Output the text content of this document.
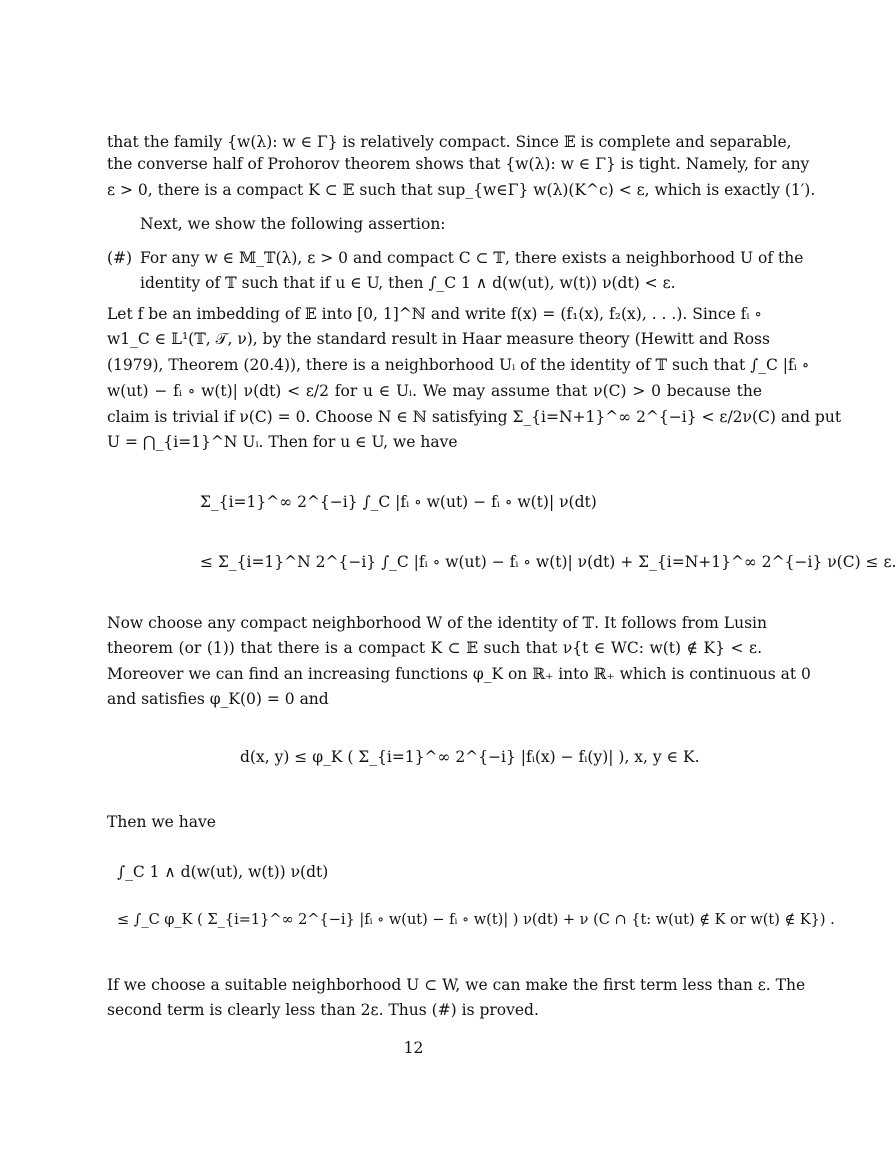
that the family {w(λ): w ∈ Γ} is relatively compact. Since 𝔼 is complete and separable,
the converse half of Prohorov theorem shows that {w(λ): w ∈ Γ} is tight. Namely, for any
ε > 0, there is a compact K ⊂ 𝔼 such that sup_{w∈Γ} w(λ)(K^c) < ε, which is exactly (1′).
Next, we show the following assertion:
(#) For any w ∈ 𝕄_𝕋(λ), ε > 0 and compact C ⊂ 𝕋, there exists a neighborhood U of the
identity of 𝕋 such that if u ∈ U, then ∫_C 1 ∧ d(w(ut), w(t)) ν(dt) < ε.
Let f be an imbedding of 𝔼 into [0, 1]^ℕ and write f(x) = (f₁(x), f₂(x), . . .). Since fᵢ ∘
w1_C ∈ 𝕃¹(𝕋, 𝒯, ν), by the standard result in Haar measure theory (Hewitt and Ross
(1979), Theorem (20.4)), there is a neighborhood Uᵢ of the identity of 𝕋 such that ∫_C |fᵢ ∘
w(ut) − fᵢ ∘ w(t)| ν(dt) < ε/2 for u ∈ Uᵢ. We may assume that ν(C) > 0 because the
claim is trivial if ν(C) = 0. Choose N ∈ ℕ satisfying Σ_{i=N+1}^∞ 2^{−i} < ε/2ν(C) and put
U = ⋂_{i=1}^N Uᵢ. Then for u ∈ U, we have
Σ_{i=1}^∞ 2^{−i} ∫_C |fᵢ ∘ w(ut) − fᵢ ∘ w(t)| ν(dt)
≤ Σ_{i=1}^N 2^{−i} ∫_C |fᵢ ∘ w(ut) − fᵢ ∘ w(t)| ν(dt) + Σ_{i=N+1}^∞ 2^{−i} ν(C) ≤ ε.
Now choose any compact neighborhood W of the identity of 𝕋. It follows from Lusin
theorem (or (1)) that there is a compact K ⊂ 𝔼 such that ν{t ∈ WC: w(t) ∉ K} < ε.
Moreover we can find an increasing functions φ_K on ℝ₊ into ℝ₊ which is continuous at 0
and satisfies φ_K(0) = 0 and
d(x, y) ≤ φ_K ( Σ_{i=1}^∞ 2^{−i} |fᵢ(x) − fᵢ(y)| ), x, y ∈ K.
Then we have
∫_C 1 ∧ d(w(ut), w(t)) ν(dt)
≤ ∫_C φ_K ( Σ_{i=1}^∞ 2^{−i} |fᵢ ∘ w(ut) − fᵢ ∘ w(t)| ) ν(dt) + ν (C ∩ {t: w(ut) ∉ K or w(t) ∉ K}) .
If we choose a suitable neighborhood U ⊂ W, we can make the first term less than ε. The
second term is clearly less than 2ε. Thus (#) is proved.
12
